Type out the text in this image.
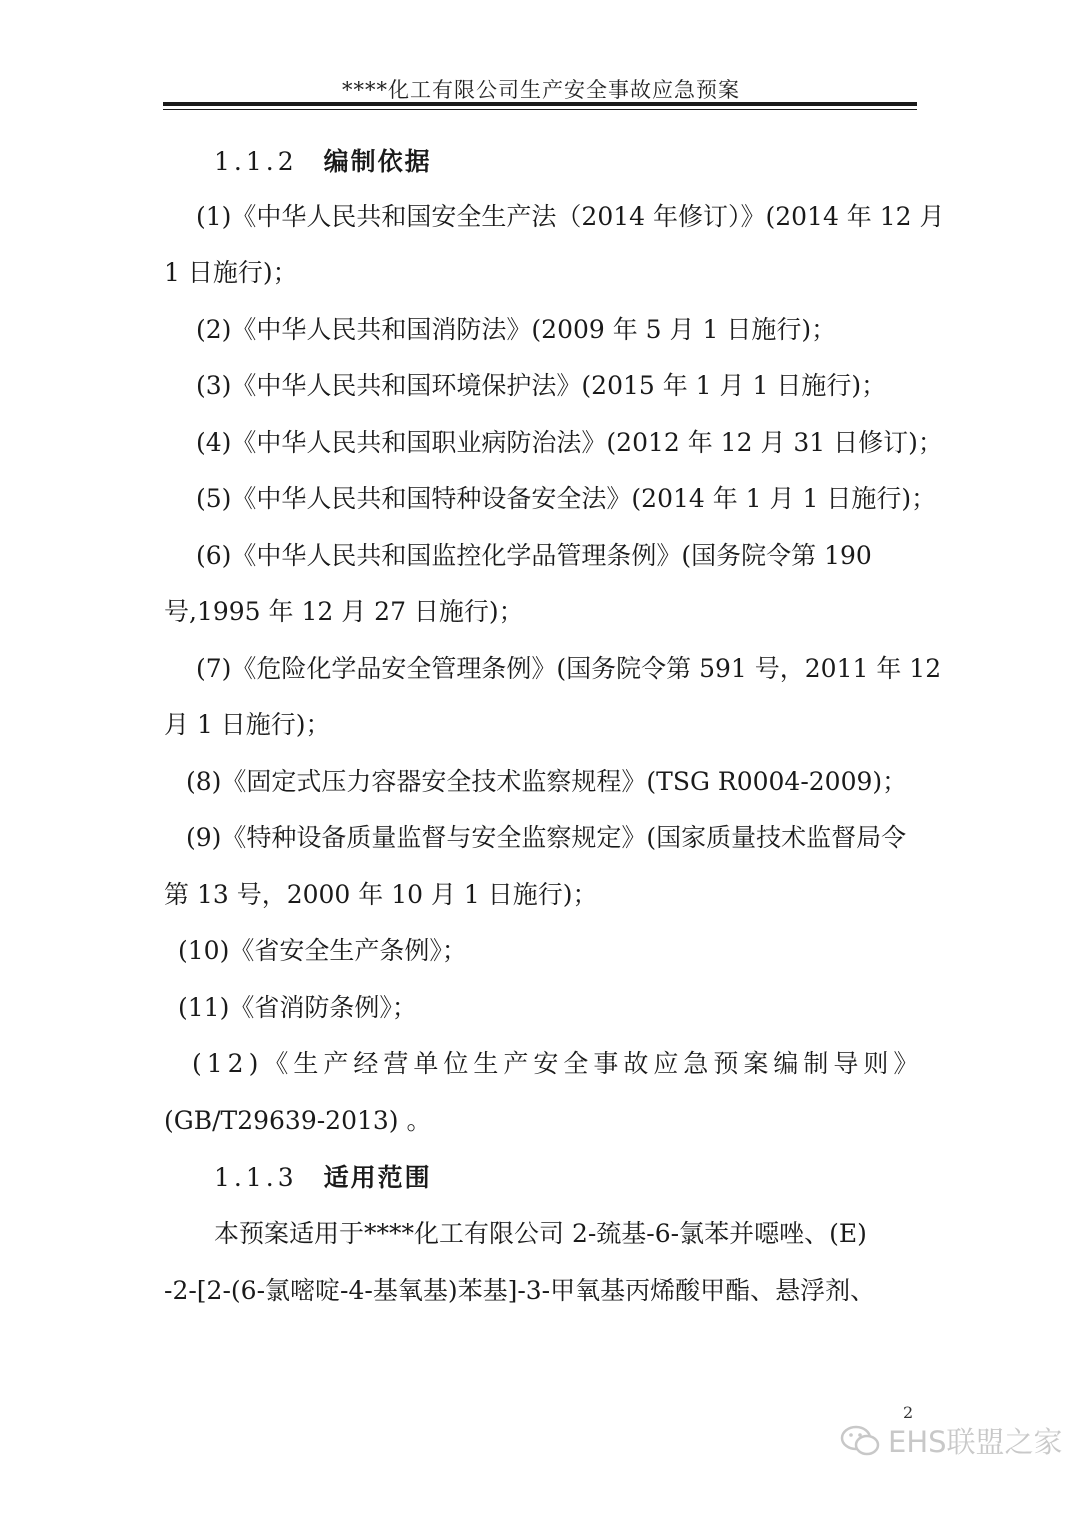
****化工有限公司生产安全事故应急预案
1.1.2 编制依据
(1)《中华人民共和国安全生产法（2014 年修订）》(2014 年 12 月
1 日施行)；
(2)《中华人民共和国消防法》(2009 年 5 月 1 日施行)；
(3)《中华人民共和国环境保护法》(2015 年 1 月 1 日施行)；
(4)《中华人民共和国职业病防治法》(2012 年 12 月 31 日修订)；
(5)《中华人民共和国特种设备安全法》(2014 年 1 月 1 日施行)；
(6)《中华人民共和国监控化学品管理条例》(国务院令第 190
号,1995 年 12 月 27 日施行)；
(7)《危险化学品安全管理条例》(国务院令第 591 号，2011 年 12
月 1 日施行)；
(8)《固定式压力容器安全技术监察规程》(TSG R0004-2009)；
(9)《特种设备质量监督与安全监察规定》(国家质量技术监督局令
第 13 号，2000 年 10 月 1 日施行)；
(10)《省安全生产条例》；
(11)《省消防条例》；
(12)《生产经营单位生产安全事故应急预案编制导则》
(GB/T29639-2013) 。
1.1.3 适用范围
本预案适用于****化工有限公司 2-巯基-6-氯苯并噁唑、(E)
-2-[2-(6-氯嘧啶-4-基氧基)苯基]-3-甲氧基丙烯酸甲酯、悬浮剂、
2
EHS联盟之家
